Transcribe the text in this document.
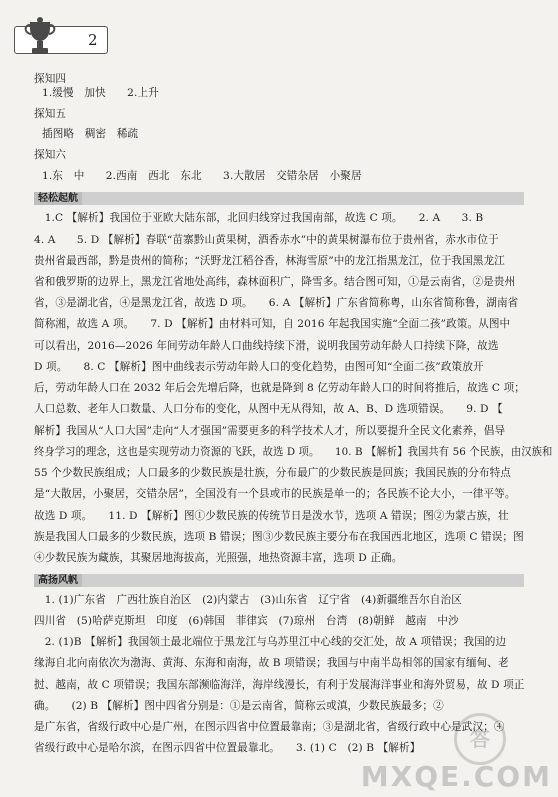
2
探知四
1.缓慢　加快　　2.上升
探知五
插图略　稠密　稀疏
探知六
1.东　中　　2.西南　西北　东北　　3.大散居　交错杂居　小聚居
轻松起航
　1.C 【解析】我国位于亚欧大陆东部，北回归线穿过我国南部，故选 C 项。　　2. A　　3. B
4. A　　5. D 【解析】春联“苗寨黔山黄果树，酒香赤水”中的黄果树瀑布位于贵州省，赤水市位于
贵州省最西部，黔是贵州的简称；“沃野龙江稻谷香，林海雪原”中的龙江指黑龙江，位于我国黑龙江
省和俄罗斯的边界上，黑龙江省地处高纬，森林面积广，降雪多。结合图可知，①是云南省，②是贵州
省，③是湖北省，④是黑龙江省，故选 D 项。　　6. A 【解析】广东省简称粤，山东省简称鲁，湖南省
简称湘，故选 A 项。　　7. D 【解析】由材料可知，自 2016 年起我国实施“全面二孩”政策。从图中
可以看出，2016—2026 年间劳动年龄人口曲线持续下滑，说明我国劳动年龄人口持续下降，故选
D 项。　　8. C 【解析】图中曲线表示劳动年龄人口的变化趋势，由图可知“全面二孩”政策放开
后，劳动年龄人口在 2032 年后会先增后降，也就是降到 8 亿劳动年龄人口的时间将推后，故选 C 项；
人口总数、老年人口数量、人口分布的变化，从图中无从得知，故 A、B、D 选项错误。　　9. D 【
解析】我国从“人口大国”走向“人才强国”需要更多的科学技术人才，所以要提升全民文化素养，倡导
终身学习的理念，这也是实现劳动力资源的飞跃，故选 D 项。　　10. B 【解析】我国共有 56 个民族，由汉族和
55 个少数民族组成；人口最多的少数民族是壮族，分布最广的少数民族是回族；我国民族的分布特点
是“大散居，小聚居，交错杂居”，全国没有一个县或市的民族是单一的；各民族不论大小，一律平等。
故选 D 项。　　11. D 【解析】图①少数民族的传统节日是泼水节，选项 A 错误；图②为蒙古族，壮
族是我国人口最多的少数民族，选项 B 错误；图③少数民族主要分布在我国西北地区，选项 C 错误；图
④少数民族为藏族，其聚居地海拔高，光照强，地热资源丰富，选项 D 正确。
高扬风帆
　1. (1)广东省　广西壮族自治区　(2)内蒙古　(3)山东省　辽宁省　(4)新疆维吾尔自治区
四川省　(5)哈萨克斯坦　印度　(6)韩国　菲律宾　(7)琼州　台湾　(8)朝鲜　越南　中沙
　2. (1)B 【解析】我国领土最北端位于黑龙江与乌苏里江中心线的交汇处，故 A 项错误；我国的边
缘海自北向南依次为渤海、黄海、东海和南海，故 B 项错误；我国与中南半岛相邻的国家有缅甸、老
挝、越南，故 C 项错误；我国东部濒临海洋，海岸线漫长，有利于发展海洋事业和海外贸易，故 D 项正
确。　　(2) B 【解析】图中四省分别是：①是云南省，简称云或滇，少数民族最多；②
是广东省，省级行政中心是广州，在图示四省中位置最靠南；③是湖北省，省级行政中心是武汉；④
省级行政中心是哈尔滨，在图示四省中位置最靠北。　　3. (1) C　(2) B 【解析】	答
MXQE.COM
